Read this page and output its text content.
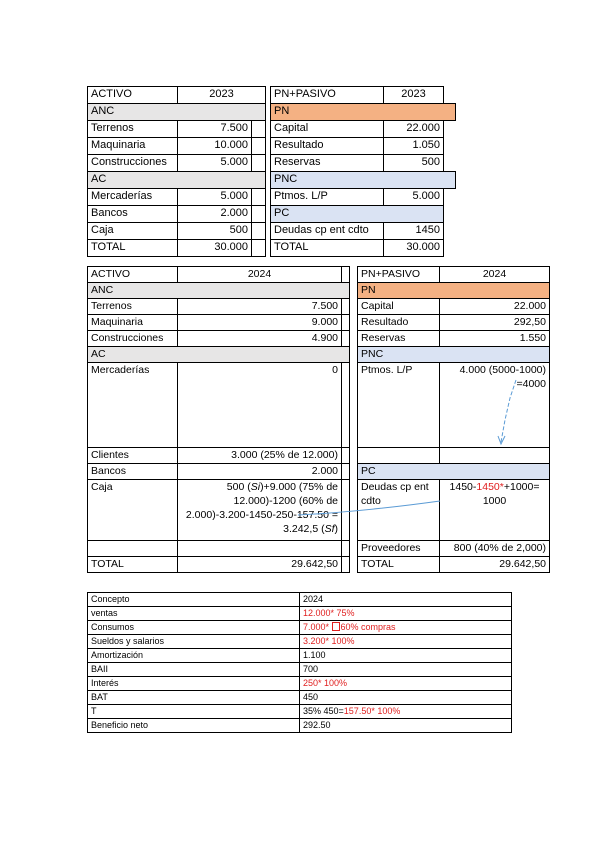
ACTIVO	2023			PN+PASIVO	2023	
ANC				PN		
Terrenos	7.500			Capital	22.000	
Maquinaria	10.000			Resultado	1.050	
Construcciones	5.000			Reservas	500	
AC				PNC		
Mercaderías	5.000			Ptmos. L/P	5.000	
Bancos	2.000			PC		
Caja	500			Deudas cp ent cdto	1450	
TOTAL	30.000			TOTAL	30.000	
ACTIVO	2024			PN+PASIVO	2024
ANC				PN	
Terrenos	7.500			Capital	22.000
Maquinaria	9.000			Resultado	292,50
Construcciones	4.900			Reservas	1.550
AC				PNC	
Mercaderías	0			Ptmos. L/P	4.000 (5000-1000) =4000
Clientes	3.000 (25% de 12.000)				
Bancos	2.000			PC	
Caja	500 (Si)+9.000 (75% de 12.000)-1200 (60% de 2.000)-3.200-1450-250-157.50 = 3.242,5 (Sf)			Deudas cp ent cdto	1450-1450*+1000= 1000
				Proveedores	800 (40% de 2,000)
TOTAL	29.642,50			TOTAL	29.642,50
Concepto	2024
ventas	12.000* 75%
Consumos	7.000* 60% compras
Sueldos y salarios	3.200* 100%
Amortización	1.100
BAII	700
Interés	250* 100%
BAT	450
T	35% 450=157.50* 100%
Beneficio neto	292.50
